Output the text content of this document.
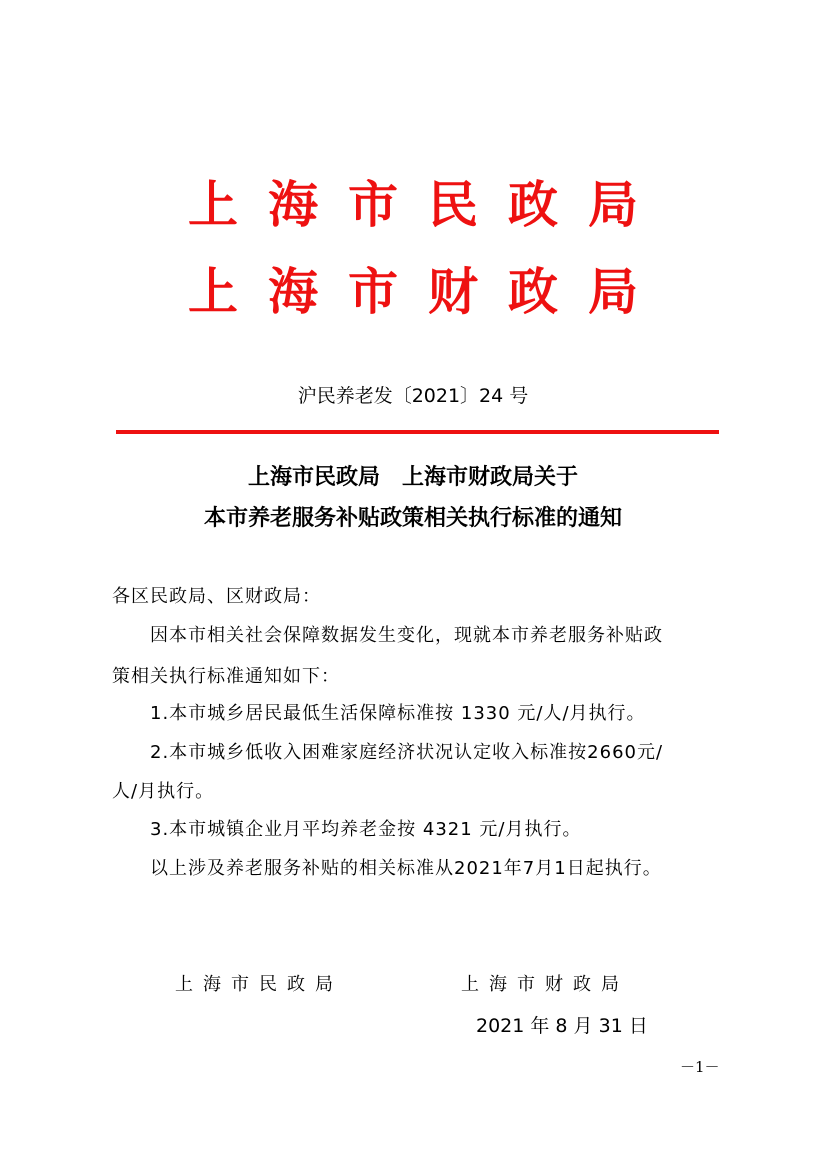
上海市民政局
上海市财政局
沪民养老发〔2021〕24 号
上海市民政局　上海市财政局关于
本市养老服务补贴政策相关执行标准的通知
各区民政局、区财政局：
因本市相关社会保障数据发生变化，现就本市养老服务补贴政
策相关执行标准通知如下：
1.本市城乡居民最低生活保障标准按 1330 元/人/月执行。
2.本市城乡低收入困难家庭经济状况认定收入标准按2660元/
人/月执行。
3.本市城镇企业月平均养老金按 4321 元/月执行。
以上涉及养老服务补贴的相关标准从2021年7月1日起执行。
上海市民政局	上海市财政局
2021 年 8 月 31 日
－1－
